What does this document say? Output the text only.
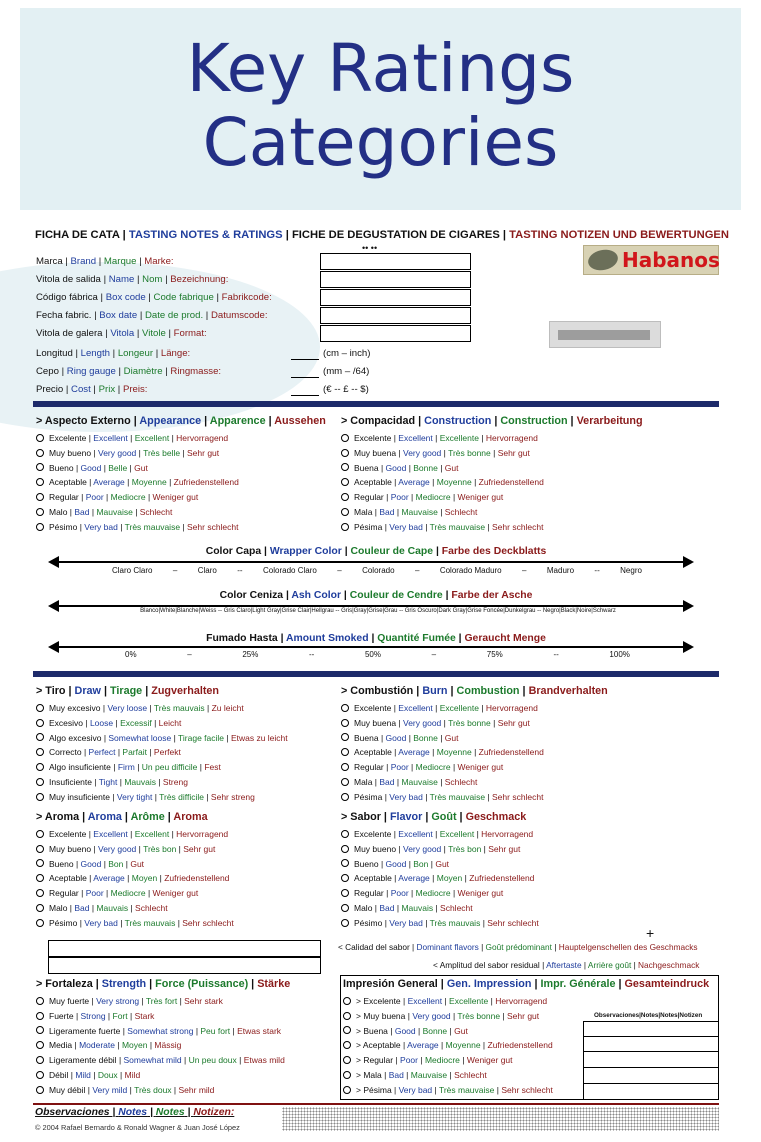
Key Ratings
Categories
FICHA DE CATA | TASTING NOTES & RATINGS | FICHE DE DEGUSTATION DE CIGARES | TASTING NOTIZEN UND BEWERTUNGEN
•• ••	Habanos
Marca | Brand | Marque | Marke:
Vitola de salida | Name | Nom | Bezeichnung:
Código fábrica | Box code | Code fabrique | Fabrikcode:
Fecha fabric. | Box date | Date de prod. | Datumscode:
Vitola de galera | Vitola | Vitole | Format:
Longitud | Length | Longeur | Länge:	(cm – inch)
Cepo | Ring gauge | Diamètre | Ringmasse:	(mm – /64)
Precio | Cost | Prix | Preis:	(€ -- £ -- $)
> Aspecto Externo | Appearance | Apparence | Aussehen
Excelente | Excellent | Excellent | Hervorragend
Muy bueno | Very good | Très belle | Sehr gut
Bueno | Good | Belle | Gut
Aceptable | Average | Moyenne | Zufriedenstellend
Regular | Poor | Mediocre | Weniger gut
Malo | Bad | Mauvaise | Schlecht
Pésimo | Very bad | Très mauvaise | Sehr schlecht
> Compacidad | Construction | Construction | Verarbeitung
Excelente | Excellent | Excellente | Hervorragend
Muy buena | Very good | Très bonne | Sehr gut
Buena | Good | Bonne | Gut
Aceptable | Average | Moyenne | Zufriedenstellend
Regular | Poor | Mediocre | Weniger gut
Mala | Bad | Mauvaise | Schlecht
Pésima | Very bad | Très mauvaise | Sehr schlecht
Color Capa | Wrapper Color | Couleur de Cape | Farbe des Deckblatts
Claro Claro	–	Claro	--	Colorado Claro	–	Colorado	–	Colorado Maduro	–	Maduro	--	Negro
Color Ceniza | Ash Color | Couleur de Cendre | Farbe der Asche
Blanco|White|Blanche|Weiss -- Gris Claro|Light Gray|Grise Clair|Hellgrau -- Gris|Gray|Grise|Grau -- Gris Oscuro|Dark Gray|Grise Foncée|Dunkelgrau -- Negro|Black|Noire|Schwarz
Fumado Hasta | Amount Smoked | Quantité Fumée | Geraucht Menge
0%	–	25%	--	50%	–	75%	--	100%
> Tiro | Draw | Tirage | Zugverhalten
Muy excesivo | Very loose | Très mauvais | Zu leicht
Excesivo | Loose | Excessif | Leicht
Algo excesivo | Somewhat loose | Tirage facile | Etwas zu leicht
Correcto | Perfect | Parfait | Perfekt
Algo insuficiente | Firm | Un peu difficile | Fest
Insuficiente | Tight | Mauvais | Streng
Muy insuficiente | Very tight | Très difficile | Sehr streng
> Combustión | Burn | Combustion | Brandverhalten
Excelente | Excellent | Excellente | Hervorragend
Muy buena | Very good | Très bonne | Sehr gut
Buena | Good | Bonne | Gut
Aceptable | Average | Moyenne | Zufriedenstellend
Regular | Poor | Mediocre | Weniger gut
Mala | Bad | Mauvaise | Schlecht
Pésima | Very bad | Très mauvaise | Sehr schlecht
> Aroma | Aroma | Arôme | Aroma
Excelente | Excellent | Excellent | Hervorragend
Muy bueno | Very good | Très bon | Sehr gut
Bueno | Good | Bon | Gut
Aceptable | Average | Moyen | Zufriedenstellend
Regular | Poor | Mediocre | Weniger gut
Malo | Bad | Mauvais | Schlecht
Pésimo | Very bad | Très mauvais | Sehr schlecht
> Sabor | Flavor | Goût | Geschmack
Excelente | Excellent | Excellent | Hervorragend
Muy bueno | Very good | Très bon | Sehr gut
Bueno | Good | Bon | Gut
Aceptable | Average | Moyen | Zufriedenstellend
Regular | Poor | Mediocre | Weniger gut
Malo | Bad | Mauvais | Schlecht
Pésimo | Very bad | Très mauvais | Sehr schlecht
+
< Calidad del sabor | Dominant flavors | Goût prédominant | Hauptelgenschellen des Geschmacks
< Amplitud del sabor residual | Aftertaste | Arrière goût | Nachgeschmack
> Fortaleza | Strength | Force (Puissance) | Stärke
Muy fuerte | Very strong | Très fort | Sehr stark
Fuerte | Strong | Fort | Stark
Ligeramente fuerte | Somewhat strong | Peu fort | Etwas stark
Media | Moderate | Moyen | Mässig
Ligeramente débil | Somewhat mild | Un peu doux | Etwas mild
Débil | Mild | Doux | Mild
Muy débil | Very mild | Très doux | Sehr mild
Impresión General | Gen. Impression | Impr. Générale | Gesamteindruck
> Excelente | Excellent | Excellente | Hervorragend
> Muy buena | Very good | Très bonne | Sehr gut
> Buena | Good | Bonne | Gut
> Aceptable | Average | Moyenne | Zufriedenstellend
> Regular | Poor | Mediocre | Weniger gut
> Mala | Bad | Mauvaise | Schlecht
> Pésima | Very bad | Très mauvaise | Sehr schlecht
Observaciones|Notes|Notes|Notizen
Observaciones | Notes | Notes | Notizen:
© 2004 Rafael Bernardo & Ronald Wagner & Juan José López
